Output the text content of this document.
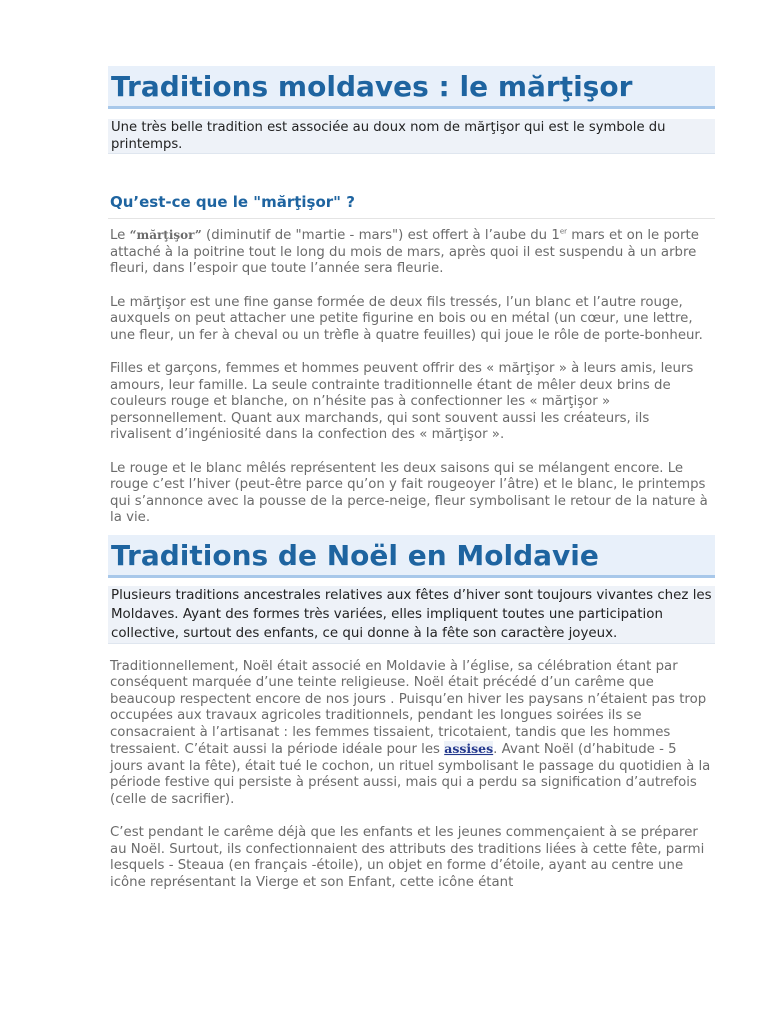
Traditions moldaves : le mărţişor

Une très belle tradition est associée au doux nom de mărţişor qui est le symbole du printemps.

Qu’est-ce que le "mărţişor" ?

Le “mărţişor” (diminutif de "martie - mars") est offert à l’aube du 1er mars et on le porte attaché à la poitrine tout le long du mois de mars, après quoi il est suspendu à un arbre fleuri, dans l’espoir que toute l’année sera fleurie.

Le mărţişor est une fine ganse formée de deux fils tressés, l’un blanc et l’autre rouge, auxquels on peut attacher une petite figurine en bois ou en métal (un cœur, une lettre, une fleur, un fer à cheval ou un trèfle à quatre feuilles) qui joue le rôle de porte-bonheur.

Filles et garçons, femmes et hommes peuvent offrir des « mărţişor » à leurs amis, leurs amours, leur famille. La seule contrainte traditionnelle étant de mêler deux brins de couleurs rouge et blanche, on n’hésite pas à confectionner les « mărţişor » personnellement. Quant aux marchands, qui sont souvent aussi les créateurs, ils rivalisent d’ingéniosité dans la confection des « mărţişor ».

Le rouge et le blanc mêlés représentent les deux saisons qui se mélangent encore. Le rouge c’est l’hiver (peut-être parce qu’on y fait rougeoyer l’âtre) et le blanc, le printemps qui s’annonce avec la pousse de la perce-neige, fleur symbolisant le retour de la nature à la vie.

Traditions de Noël en Moldavie

Plusieurs traditions ancestrales relatives aux fêtes d’hiver sont toujours vivantes chez les Moldaves. Ayant des formes très variées, elles impliquent toutes une participation collective, surtout des enfants, ce qui donne à la fête son caractère joyeux.

Traditionnellement, Noël était associé en Moldavie à l’église, sa célébration étant par conséquent marquée d’une teinte religieuse. Noël était précédé d’un carême que beaucoup respectent encore de nos jours . Puisqu’en hiver les paysans n’étaient pas trop occupées aux travaux agricoles traditionnels, pendant les longues soirées ils se consacraient à l’artisanat : les femmes tissaient, tricotaient, tandis que les hommes tressaient. C’était aussi la période idéale pour les assises. Avant Noël (d’habitude - 5 jours avant la fête), était tué le cochon, un rituel symbolisant le passage du quotidien à la période festive qui persiste à présent aussi, mais qui a perdu sa signification d’autrefois (celle de sacrifier).

C’est pendant le carême déjà que les enfants et les jeunes commençaient à se préparer au Noël. Surtout, ils confectionnaient des attributs des traditions liées à cette fête, parmi lesquels - Steaua (en français -étoile), un objet en forme d’étoile, ayant au centre une icône représentant la Vierge et son Enfant, cette icône étant
